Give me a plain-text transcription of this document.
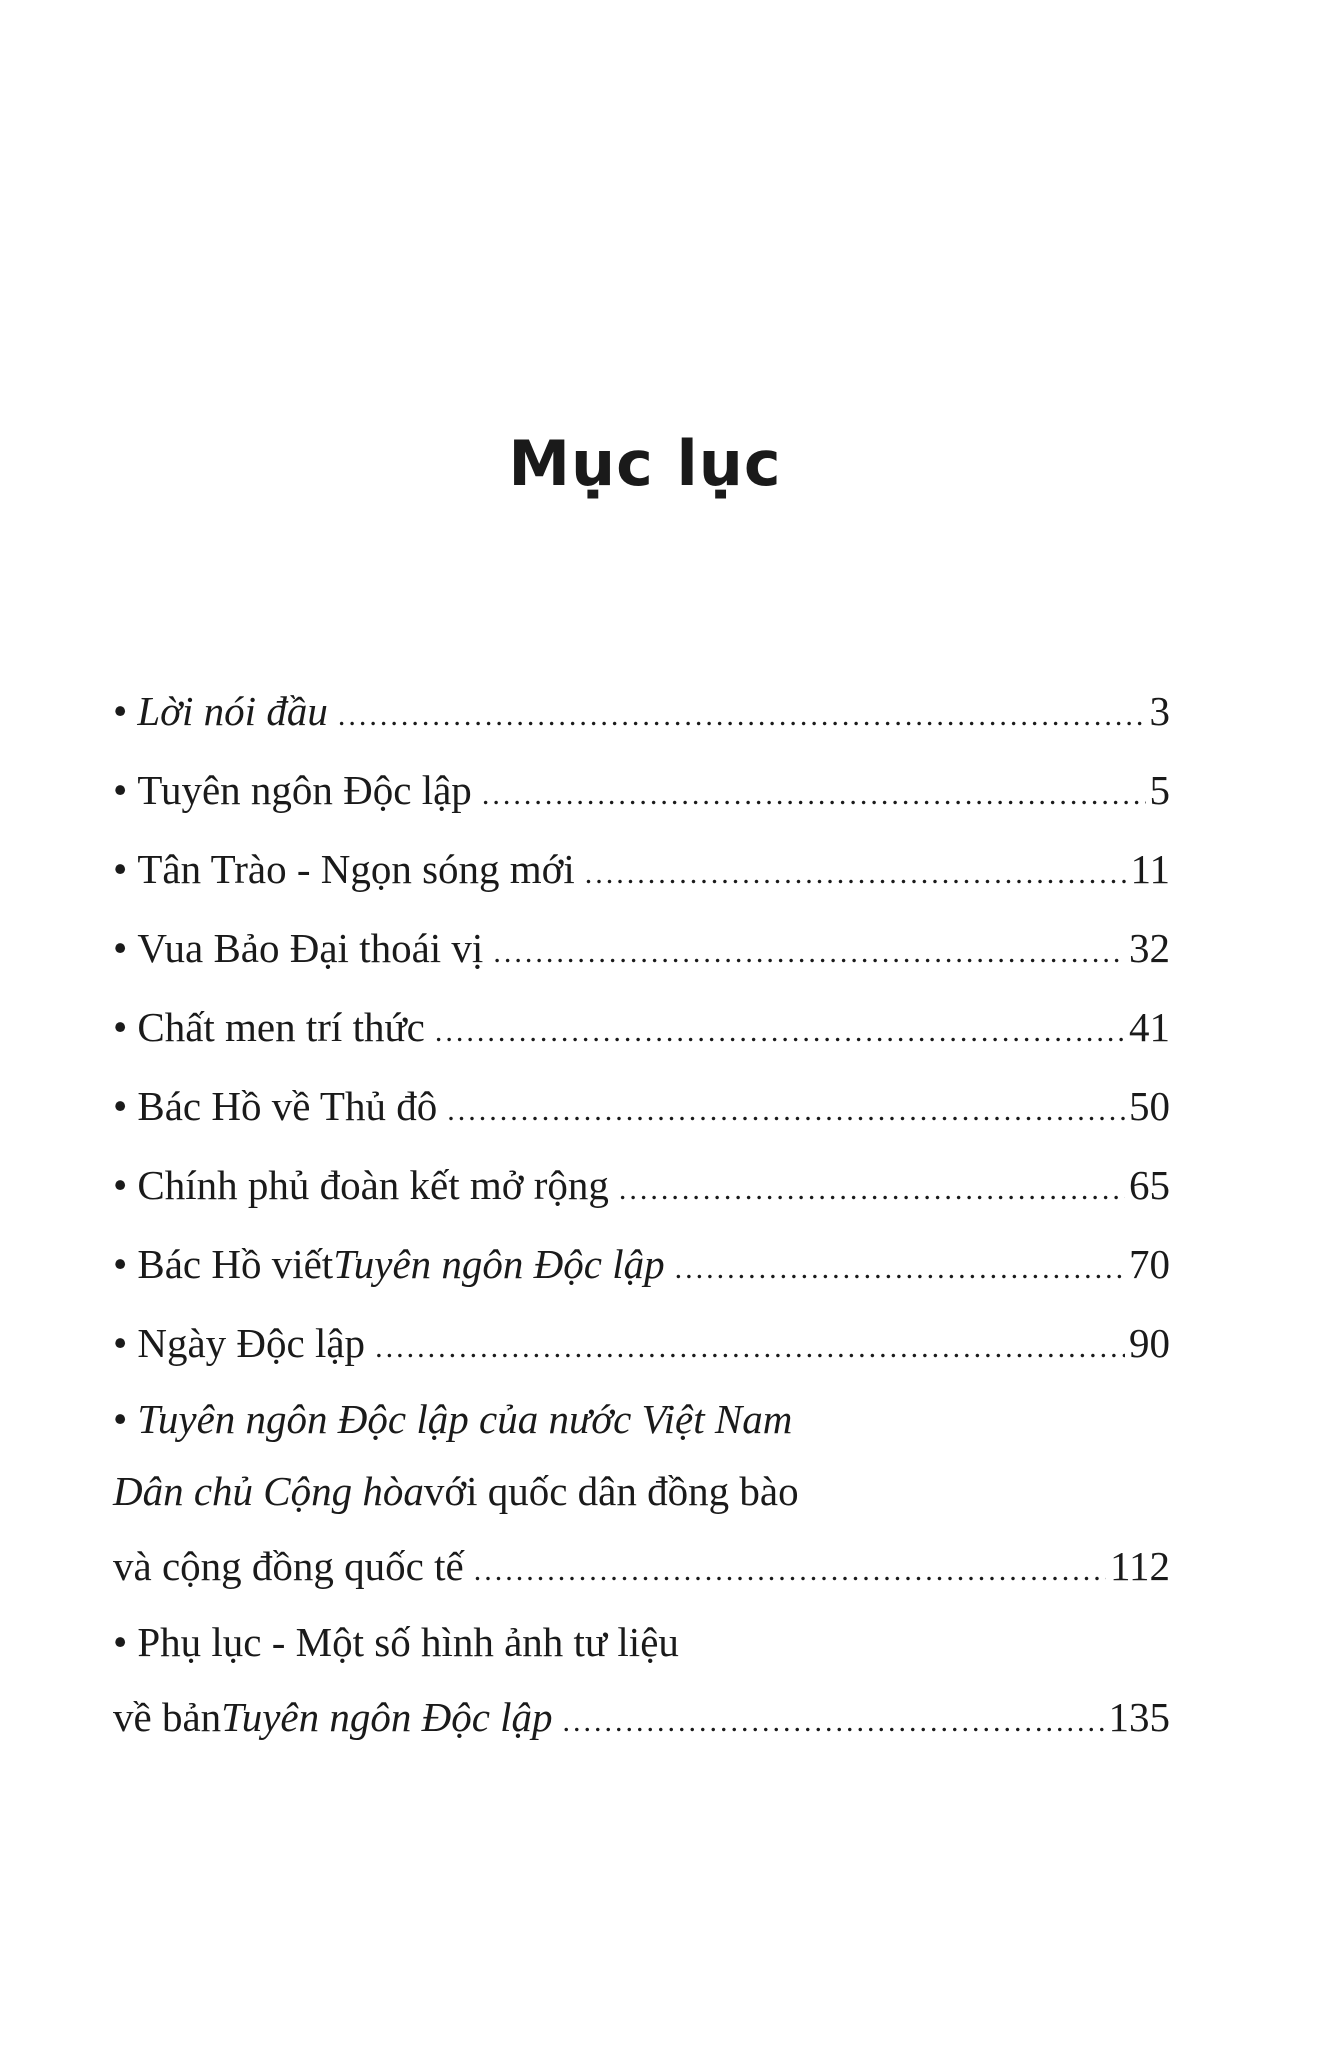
Mục lục
• Lời nói đầu .....	3
• Tuyên ngôn Độc lập .....	5
• Tân Trào - Ngọn sóng mới .....	11
• Vua Bảo Đại thoái vị .....	32
• Chất men trí thức .....	41
• Bác Hồ về Thủ đô .....	50
• Chính phủ đoàn kết mở rộng .....	65
• Bác Hồ viết Tuyên ngôn Độc lập .....	70
• Ngày Độc lập .....	90
• Tuyên ngôn Độc lập của nước Việt Nam
Dân chủ Cộng hòa với quốc dân đồng bào
và cộng đồng quốc tế .....	112
• Phụ lục - Một số hình ảnh tư liệu
về bản Tuyên ngôn Độc lập .....	135
